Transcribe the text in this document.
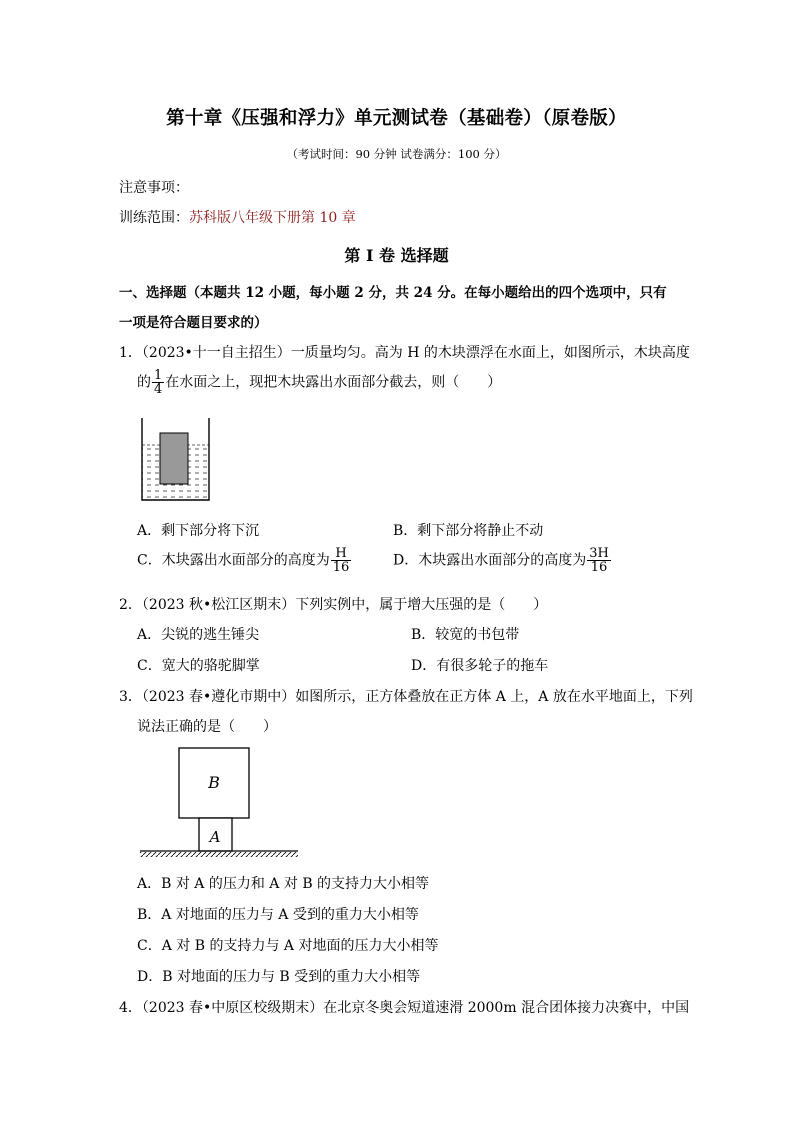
第十章《压强和浮力》单元测试卷（基础卷）（原卷版）
（考试时间：90 分钟 试卷满分：100 分）
注意事项：
训练范围：苏科版八年级下册第 10 章
第 I 卷 选择题
一、选择题（本题共 12 小题，每小题 2 分，共 24 分。在每小题给出的四个选项中，只有
一项是符合题目要求的）
1．（2023•十一自主招生）一质量均匀。高为 H 的木块漂浮在水面上，如图所示，木块高度
的 $\frac{1}{4}$ 在水面之上，现把木块露出水面部分截去，则（　　）
A．剩下部分将下沉	B．剩下部分将静止不动
C．木块露出水面部分的高度为 $\frac{H}{16}$	D．木块露出水面部分的高度为 $\frac{3H}{16}$
2．（2023 秋•松江区期末）下列实例中，属于增大压强的是（　　）
A．尖锐的逃生锤尖	B．较宽的书包带
C．宽大的骆驼脚掌	D．有很多轮子的拖车
3．（2023 春•遵化市期中）如图所示，正方体叠放在正方体 A 上，A 放在水平地面上，下列
说法正确的是（　　）
B
A
A．B 对 A 的压力和 A 对 B 的支持力大小相等
B．A 对地面的压力与 A 受到的重力大小相等
C．A 对 B 的支持力与 A 对地面的压力大小相等
D．B 对地面的压力与 B 受到的重力大小相等
4．（2023 春•中原区校级期末）在北京冬奥会短道速滑 2000m 混合团体接力决赛中，中国
